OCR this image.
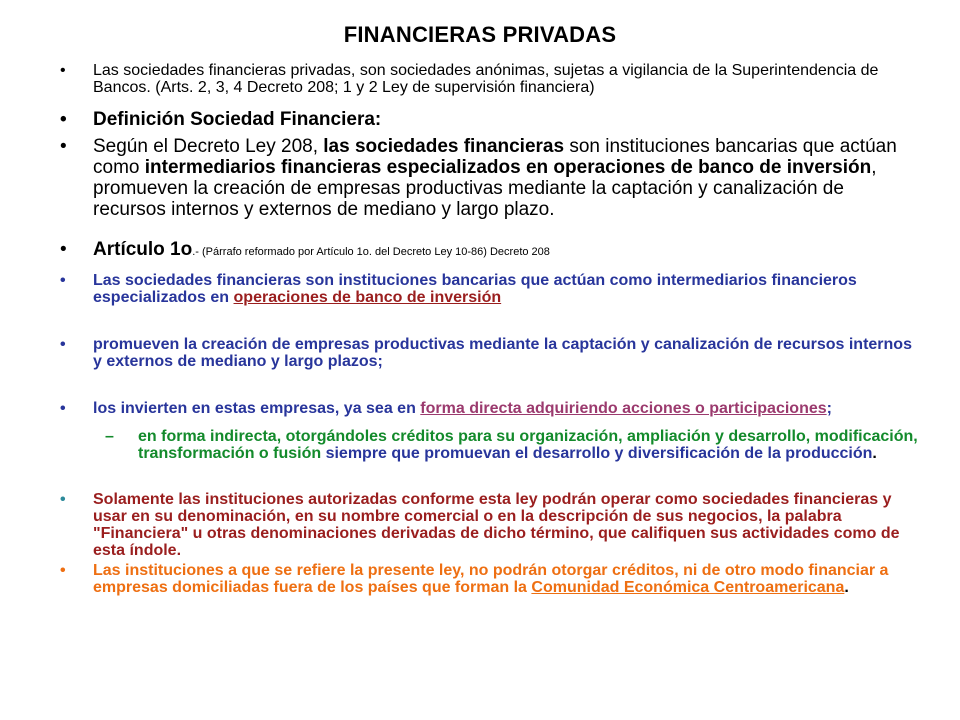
FINANCIERAS PRIVADAS
• Las sociedades financieras privadas, son sociedades anónimas, sujetas a vigilancia de la Superintendencia de Bancos. (Arts. 2, 3, 4 Decreto 208; 1 y 2 Ley de supervisión financiera)
• Definición Sociedad Financiera:
• Según el Decreto Ley 208, las sociedades financieras son instituciones bancarias que actúan como intermediarios financieras especializados en operaciones de banco de inversión, promueven la creación de empresas productivas mediante la captación y canalización de recursos internos y externos de mediano y largo plazo.
• Artículo 1o.- (Párrafo reformado por Artículo 1o. del Decreto Ley 10-86) Decreto 208
• Las sociedades financieras son instituciones bancarias que actúan como intermediarios financieros especializados en operaciones de banco de inversión
• promueven la creación de empresas productivas mediante la captación y canalización de recursos internos y externos de mediano y largo plazos;
• los invierten en estas empresas, ya sea en forma directa adquiriendo acciones o participaciones;
– en forma indirecta, otorgándoles créditos para su organización, ampliación y desarrollo, modificación, transformación o fusión siempre que promuevan el desarrollo y diversificación de la producción.
• Solamente las instituciones autorizadas conforme esta ley podrán operar como sociedades financieras y usar en su denominación, en su nombre comercial o en la descripción de sus negocios, la palabra "Financiera" u otras denominaciones derivadas de dicho término, que califiquen sus actividades como de esta índole.
• Las instituciones a que se refiere la presente ley, no podrán otorgar créditos, ni de otro modo financiar a empresas domiciliadas fuera de los países que forman la Comunidad Económica Centroamericana.
